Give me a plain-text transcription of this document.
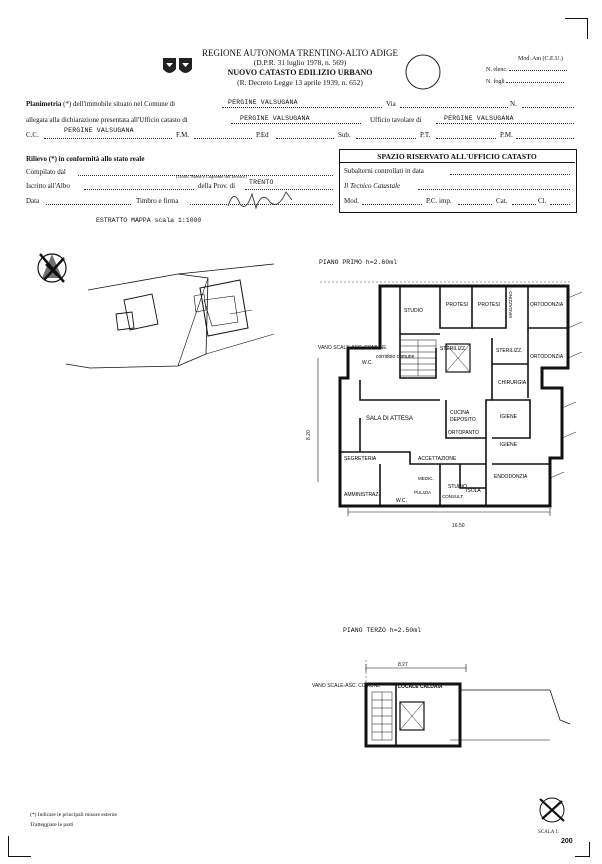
REGIONE AUTONOMA TRENTINO-ALTO ADIGE
(D.P.R. 31 luglio 1978, n. 569)
NUOVO CATASTO EDILIZIO URBANO
(R. Decreto Legge 13 aprile 1939, n. 652)
Mod. Am (C.E.U.)
N. elenc.
N. fogli
Planimetria (*) dell'immobile situato nel Comune di	PERGINE VALSUGANA	Via	N.
allegata alla dichiarazione presentata all'Ufficio catasto di	PERGINE VALSUGANA	Ufficio tavolare di	PERGINE VALSUGANA
C.C.
PERGINE VALSUGANA
F.M.	P.Ed	Sub.	P.T.	P.M.
Rilievo (*) in conformità allo stato reale
Compilato dal
(Titolo, Nome e Cognome del Tecnico)
Iscritto all'Albo	della Prov. di TRENTO
Data	Timbro e firma
SPAZIO RISERVATO ALL'UFFICIO CATASTO
Subalterni controllati in data
Il Tecnico Catastale
Mod.	P.C. imp.	Cat.	Cl.
ESTRATTO MAPPA scala 1:1000
PIANO PRIMO h=2.60ml
STUDIO
PROTESI PROTESI MAGAZZINO	ORTODONZIA
STERILIZZ.	STERILIZZ.
ORTODONZIA
W.C.
corridoio comune
CHIRURGIA
SALA DI ATTESA
CUCINA
DEPOSITO	IGIENE
ORTOPANTO
IGIENE
SEGRETERIA	ACCETTAZIONE
ENDODONZIA
AMMINISTRAZ.
MEDIC.
STUDIO
PULIZIA
CONSULT.
ISOLA
W.C.
VANO SCALE-ASC. COMUNE
16.50
8.20
PIANO TERZO h=2.50ml
8.27
VANO SCALE-ASC. COMUNE	LOCALE CALDAIA
(*) Indicare le principali misure esterne
Tratteggiare le parti
SCALA 1:
200
